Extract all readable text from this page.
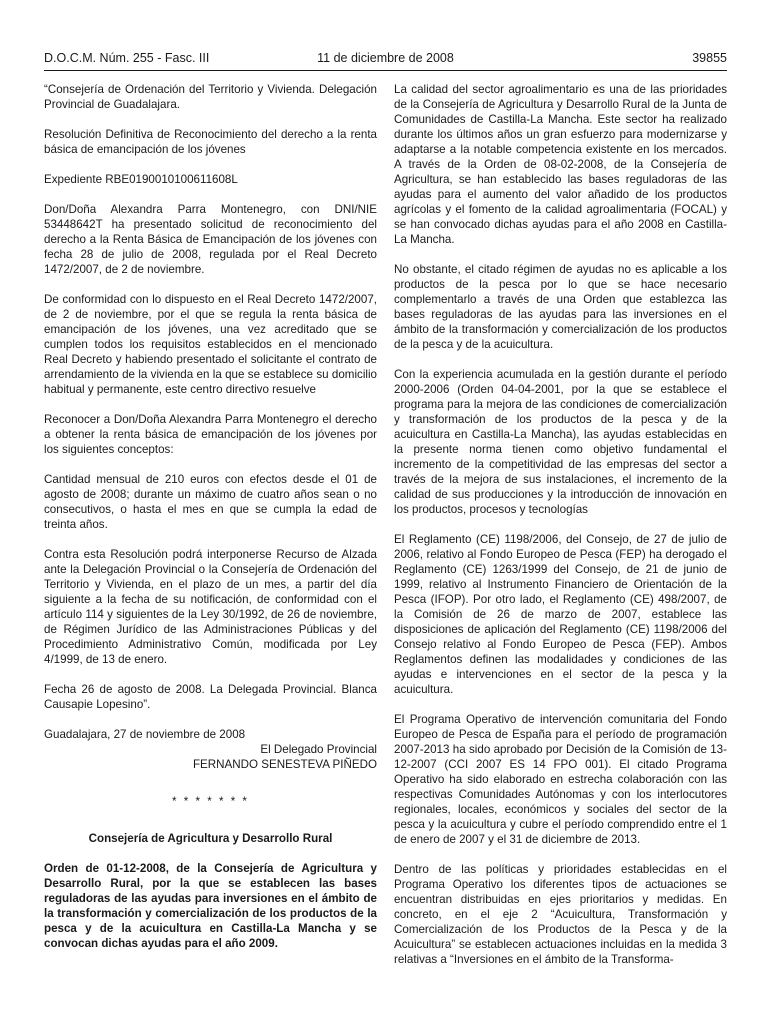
D.O.C.M. Núm. 255 - Fasc. III	11 de diciembre de 2008	39855

“Consejería de Ordenación del Territorio y Vivienda. Delegación Provincial de Guadalajara.

Resolución Definitiva de Reconocimiento del derecho a la renta básica de emancipación de los jóvenes

Expediente RBE0190010100611608L

Don/Doña Alexandra Parra Montenegro, con DNI/NIE 53448642T ha presentado solicitud de reconocimiento del derecho a la Renta Básica de Emancipación de los jóvenes con fecha 28 de julio de 2008, regulada por el Real Decreto 1472/2007, de 2 de noviembre.

De conformidad con lo dispuesto en el Real Decreto 1472/2007, de 2 de noviembre, por el que se regula la renta básica de emancipación de los jóvenes, una vez acreditado que se cumplen todos los requisitos establecidos en el mencionado Real Decreto y habiendo presentado el solicitante el contrato de arrendamiento de la vivienda en la que se establece su domicilio habitual y permanente, este centro directivo resuelve

Reconocer a Don/Doña Alexandra Parra Montenegro el derecho a obtener la renta básica de emancipación de los jóvenes por los siguientes conceptos:

Cantidad mensual de 210 euros con efectos desde el 01 de agosto de 2008; durante un máximo de cuatro años sean o no consecutivos, o hasta el mes en que se cumpla la edad de treinta años.

Contra esta Resolución podrá interponerse Recurso de Alzada ante la Delegación Provincial o la Consejería de Ordenación del Territorio y Vivienda, en el plazo de un mes, a partir del día siguiente a la fecha de su notificación, de conformidad con el artículo 114 y siguientes de la Ley 30/1992, de 26 de noviembre, de Régimen Jurídico de las Administraciones Públicas y del Procedimiento Administrativo Común, modificada por Ley 4/1999, de 13 de enero.

Fecha 26 de agosto de 2008. La Delegada Provincial. Blanca Causapie Lopesino”.

Guadalajara, 27 de noviembre de 2008

El Delegado Provincial

FERNANDO SENESTEVA PIÑEDO

* * * * * * *

Consejería de Agricultura y Desarrollo Rural

Orden de 01-12-2008, de la Consejería de Agricultura y Desarrollo Rural, por la que se establecen las bases reguladoras de las ayudas para inversiones en el ámbito de la transformación y comercialización de los productos de la pesca y de la acuicultura en Castilla-La Mancha y se convocan dichas ayudas para el año 2009.

La calidad del sector agroalimentario es una de las prioridades de la Consejería de Agricultura y Desarrollo Rural de la Junta de Comunidades de Castilla-La Mancha. Este sector ha realizado durante los últimos años un gran esfuerzo para modernizarse y adaptarse a la notable competencia existente en los mercados. A través de la Orden de 08-02-2008, de la Consejería de Agricultura, se han establecido las bases reguladoras de las ayudas para el aumento del valor añadido de los productos agrícolas y el fomento de la calidad agroalimentaria (FOCAL) y se han convocado dichas ayudas para el año 2008 en Castilla-La Mancha.

No obstante, el citado régimen de ayudas no es aplicable a los productos de la pesca por lo que se hace necesario complementarlo a través de una Orden que establezca las bases reguladoras de las ayudas para las inversiones en el ámbito de la transformación y comercialización de los productos de la pesca y de la acuicultura.

Con la experiencia acumulada en la gestión durante el período 2000-2006 (Orden 04-04-2001, por la que se establece el programa para la mejora de las condiciones de comercialización y transformación de los productos de la pesca y de la acuicultura en Castilla-La Mancha), las ayudas establecidas en la presente norma tienen como objetivo fundamental el incremento de la competitividad de las empresas del sector a través de la mejora de sus instalaciones, el incremento de la calidad de sus producciones y la introducción de innovación en los productos, procesos y tecnologías

El Reglamento (CE) 1198/2006, del Consejo, de 27 de julio de 2006, relativo al Fondo Europeo de Pesca (FEP) ha derogado el Reglamento (CE) 1263/1999 del Consejo, de 21 de junio de 1999, relativo al Instrumento Financiero de Orientación de la Pesca (IFOP). Por otro lado, el Reglamento (CE) 498/2007, de la Comisión de 26 de marzo de 2007, establece las disposiciones de aplicación del Reglamento (CE) 1198/2006 del Consejo relativo al Fondo Europeo de Pesca (FEP). Ambos Reglamentos definen las modalidades y condiciones de las ayudas e intervenciones en el sector de la pesca y la acuicultura.

El Programa Operativo de intervención comunitaria del Fondo Europeo de Pesca de España para el período de programación 2007-2013 ha sido aprobado por Decisión de la Comisión de 13-12-2007 (CCI 2007 ES 14 FPO 001). El citado Programa Operativo ha sido elaborado en estrecha colaboración con las respectivas Comunidades Autónomas y con los interlocutores regionales, locales, económicos y sociales del sector de la pesca y la acuicultura y cubre el período comprendido entre el 1 de enero de 2007 y el 31 de diciembre de 2013.

Dentro de las políticas y prioridades establecidas en el Programa Operativo los diferentes tipos de actuaciones se encuentran distribuidas en ejes prioritarios y medidas. En concreto, en el eje 2 “Acuicultura, Transformación y Comercialización de los Productos de la Pesca y de la Acuicultura” se establecen actuaciones incluidas en la medida 3 relativas a “Inversiones en el ámbito de la Transforma-
